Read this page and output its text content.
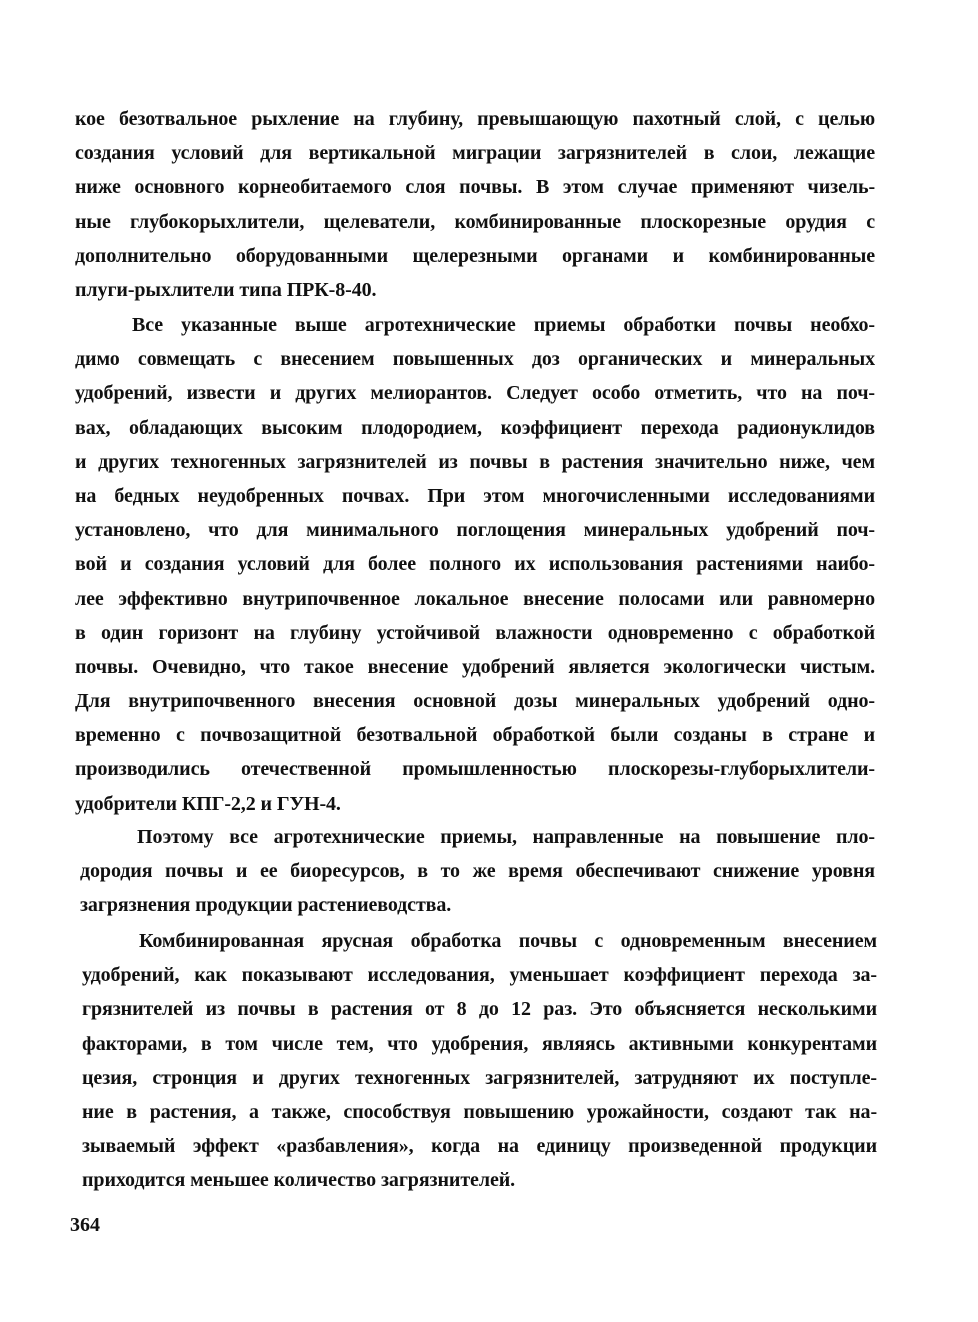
кое безотвальное рыхление на глубину, превышающую пахотный слой, с целью
создания условий для вертикальной миграции загрязнителей в слои, лежащие
ниже основного корнеобитаемого слоя почвы. В этом случае применяют чизель-
ные глубокорыхлители, щелеватели, комбинированные плоскорезные орудия с
дополнительно оборудованными щелерезными органами и комбинированные
плуги-рыхлители типа ПРК-8-40.
Все указанные выше агротехнические приемы обработки почвы необхо-
димо совмещать с внесением повышенных доз органических и минеральных
удобрений, извести и других мелиорантов. Следует особо отметить, что на поч-
вах, обладающих высоким плодородием, коэффициент перехода радионуклидов
и других техногенных загрязнителей из почвы в растения значительно ниже, чем
на бедных неудобренных почвах. При этом многочисленными исследованиями
установлено, что для минимального поглощения минеральных удобрений поч-
вой и создания условий для более полного их использования растениями наибо-
лее эффективно внутрипочвенное локальное внесение полосами или равномерно
в один горизонт на глубину устойчивой влажности одновременно с обработкой
почвы. Очевидно, что такое внесение удобрений является экологически чистым.
Для внутрипочвенного внесения основной дозы минеральных удобрений одно-
временно с почвозащитной безотвальной обработкой были созданы в стране и
производились отечественной промышленностью плоскорезы-глуборыхлители-
удобрители КПГ-2,2 и ГУН-4.
Поэтому все агротехнические приемы, направленные на повышение пло-
дородия почвы и ее биоресурсов, в то же время обеспечивают снижение уровня
загрязнения продукции растениеводства.
Комбинированная ярусная обработка почвы с одновременным внесением
удобрений, как показывают исследования, уменьшает коэффициент перехода за-
грязнителей из почвы в растения от 8 до 12 раз. Это объясняется несколькими
факторами, в том числе тем, что удобрения, являясь активными конкурентами
цезия, стронция и других техногенных загрязнителей, затрудняют их поступле-
ние в растения, а также, способствуя повышению урожайности, создают так на-
зываемый эффект «разбавления», когда на единицу произведенной продукции
приходится меньшее количество загрязнителей.
364
